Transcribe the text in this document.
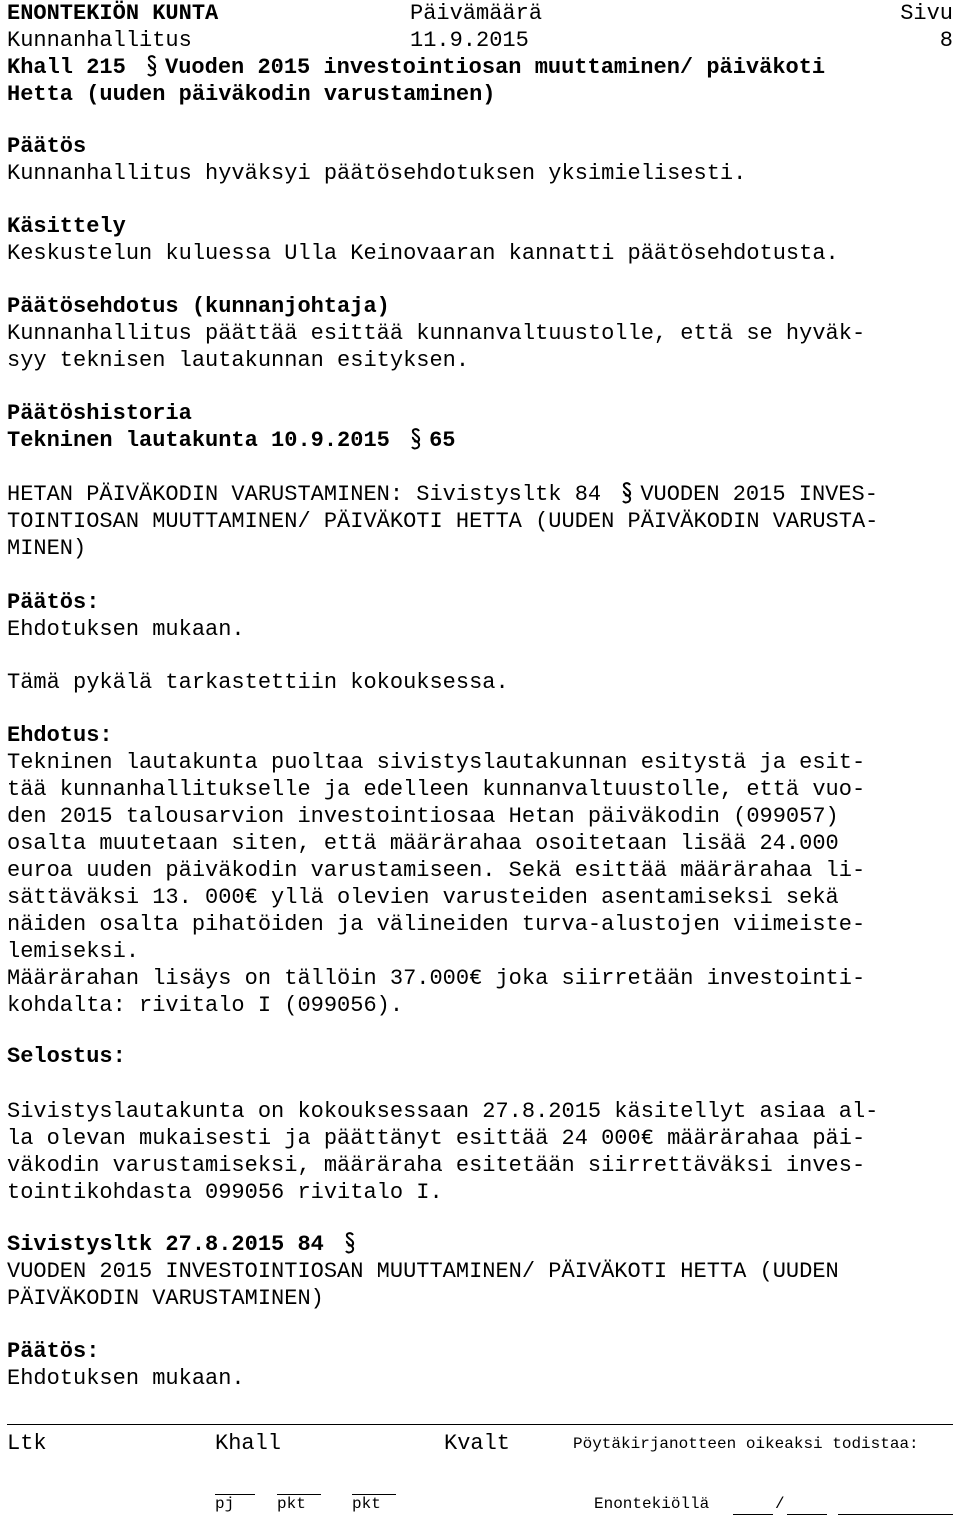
ENONTEKIÖN KUNTA	Päivämäärä	Sivu
Kunnanhallitus	11.9.2015	8
Khall 215 Vuoden 2015 investointiosan muuttaminen/ päiväkoti
Hetta (uuden päiväkodin varustaminen)
Päätös
Kunnanhallitus hyväksyi päätösehdotuksen yksimielisesti.
Käsittely
Keskustelun kuluessa Ulla Keinovaaran kannatti päätösehdotusta.
Päätösehdotus (kunnanjohtaja)
Kunnanhallitus päättää esittää kunnanvaltuustolle, että se hyväk-
syy teknisen lautakunnan esityksen.
Päätöshistoria
Tekninen lautakunta 10.9.2015 65
HETAN PÄIVÄKODIN VARUSTAMINEN: Sivistysltk 84 VUODEN 2015 INVES-
TOINTIOSAN MUUTTAMINEN/ PÄIVÄKOTI HETTA (UUDEN PÄIVÄKODIN VARUSTA-
MINEN)
Päätös:
Ehdotuksen mukaan.
Tämä pykälä tarkastettiin kokouksessa.
Ehdotus:
Tekninen lautakunta puoltaa sivistyslautakunnan esitystä ja esit-
tää kunnanhallitukselle ja edelleen kunnanvaltuustolle, että vuo-
den 2015 talousarvion investointiosaa Hetan päiväkodin (099057)
osalta muutetaan siten, että määrärahaa osoitetaan lisää 24.000
euroa uuden päiväkodin varustamiseen. Sekä esittää määrärahaa li-
sättäväksi 13. 000€ yllä olevien varusteiden asentamiseksi sekä
näiden osalta pihatöiden ja välineiden turva-alustojen viimeiste-
lemiseksi.
Määrärahan lisäys on tällöin 37.000€ joka siirretään investointi-
kohdalta: rivitalo I (099056).
Selostus:
Sivistyslautakunta on kokouksessaan 27.8.2015 käsitellyt asiaa al-
la olevan mukaisesti ja päättänyt esittää 24 000€ määrärahaa päi-
väkodin varustamiseksi, määräraha esitetään siirrettäväksi inves-
tointikohdasta 099056 rivitalo I.
Sivistysltk 27.8.2015 84
VUODEN 2015 INVESTOINTIOSAN MUUTTAMINEN/ PÄIVÄKOTI HETTA (UUDEN
PÄIVÄKODIN VARUSTAMINEN)
Päätös:
Ehdotuksen mukaan.
Ltk	Khall	Kvalt	Pöytäkirjanotteen oikeaksi todistaa:
pj	pkt	pkt	Enontekiöllä	/
